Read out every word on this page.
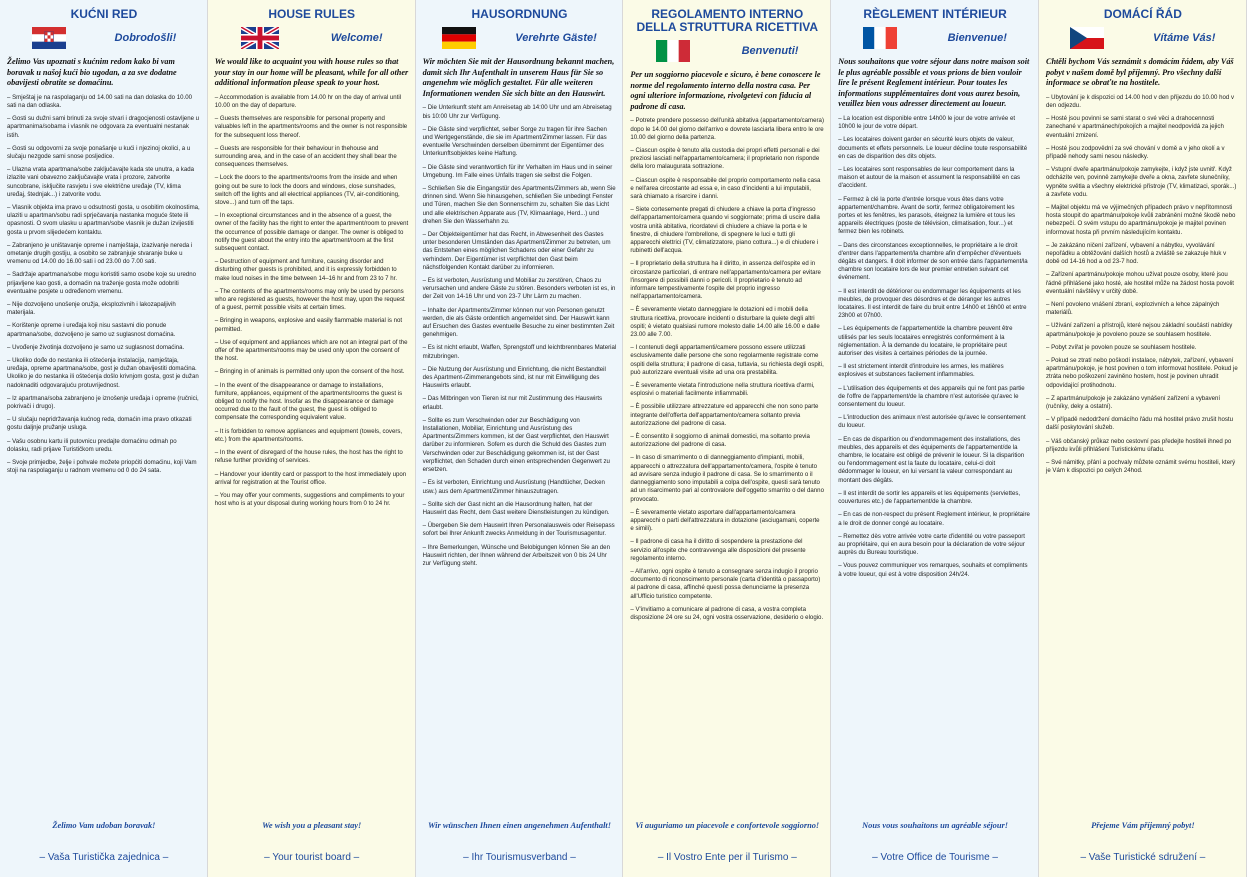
KUĆNI RED
Dobrodošli!
Želimo Vas upoznati s kućnim redom kako bi vam boravak u našoj kući bio ugodan, a za sve dodatne obavijesti obratite se domaćinu.
– Smještaj je na raspolaganju od 14.00 sati na dan dolaska do 10.00 sati na dan odlaska.
– Gosti su dužni sami brinuti za svoje stvari i dragocjenosti ostavljene u apartmanima/sobama i vlasnik ne odgovara za eventualni nestanak istih.
– Gosti su odgovorni za svoje ponašanje u kući i njezinoj okolici, a u slučaju nezgode sami snose posljedice.
– Ulazna vrata apartmana/sobe zaključavajte kada ste unutra, a kada izlazite vani obavezno zaključavajte vrata i prozore, zatvorite suncobrane, isključite rasvjetu i sve električne uređaje (TV, klima uređaj, štednjak...) i zatvorite vodu.
– Vlasnik objekta ima pravo u odsutnosti gosta, u osobitim okolnostima, ulaziti u apartman/sobu radi sprječavanja nastanka moguće štete ili opasnosti. O svom ulasku u apartman/sobe vlasnik je dužan izvijestiti gosta u prvom slijedećem kontaktu.
– Zabranjeno je uništavanje opreme i namještaja, izazivanje nereda i ometanje drugih gostiju, a osobito se zabranjuje stvaranje buke u vremenu od 14.00 do 16.00 sati i od 23.00 do 7.00 sati.
– Sadržaje apartmana/sobe mogu koristiti samo osobe koje su uredno prijavljene kao gosti, a domaćin na traženje gosta može odobriti eventualne posjete u određenom vremenu.
– Nije dozvoljeno unošenje oružja, eksplozivnih i lakozapaljivih materijala.
– Korištenje opreme i uređaja koji nisu sastavni dio ponude apartmana/sobe, dozvoljeno je samo uz suglasnost domaćina.
– Uvođenje životinja dozvoljeno je samo uz suglasnost domaćina.
– Ukoliko dođe do nestanka ili oštećenja instalacija, namještaja, uređaja, opreme apartmana/sobe, gost je dužan obavijestiti domaćina. Ukoliko je do nestanka ili oštećenja došlo krivnjom gosta, gost je dužan nadoknaditi odgovarajuću protuvrijednost.
– Iz apartmana/soba zabranjeno je iznošenje uređaja i opreme (ručnici, pokrivači i drugo).
– U slučaju nepridržavanja kućnog reda, domaćin ima pravo otkazati gostu daljnje pružanje usluga.
– Vašu osobnu kartu ili putovnicu predajte domaćinu odmah po dolasku, radi prijave Turističkom uredu.
– Svoje primjedbe, želje i pohvale možete priopćiti domaćinu, koji Vam stoji na raspolaganju u radnom vremenu od 0 do 24 sata.
Želimo Vam udoban boravak!
– Vaša Turistička zajednica –
HOUSE RULES
Welcome!
We would like to acquaint you with house rules so that your stay in our home will be pleasant, while for all other additional information please speak to your host.
– Accommodation is available from 14.00 hr on the day of arrival until 10.00 on the day of departure.
– Guests themselves are responsible for personal property and valuables left in the apartments/rooms and the owner is not responsible for the subsequent loss thereof.
– Guests are responsible for their behaviour in thehouse and surrounding area, and in the case of an accident they shall bear the consequences themselves.
– Lock the doors to the apartments/rooms from the inside and when going out be sure to lock the doors and windows, close sunshades, switch off the lights and all electrical appliances (TV, air-conditioning, stove...) and turn off the taps.
– In exceptional circumstances and in the absence of a guest, the owner of the facility has the right to enter the apartment/room to prevent the occurrence of possible damage or danger. The owner is obliged to notify the guest about the entry into the apartment/room at the first subsequent contact.
– Destruction of equipment and furniture, causing disorder and disturbing other guests is prohibited, and it is expressly forbidden to make loud noises in the time between 14–16 hr and from 23 to 7 hr.
– The contents of the apartments/rooms may only be used by persons who are registered as guests, however the host may, upon the request of a guest, permit possible visits at certain times.
– Bringing in weapons, explosive and easily flammable material is not permitted.
– Use of equipment and appliances which are not an integral part of the offer of the apartments/rooms may be used only upon the consent of the host.
– Bringing in of animals is permitted only upon the consent of the host.
– In the event of the disappearance or damage to installations, furniture, appliances, equipment of the apartments/rooms the guest is obliged to notify the host. Insofar as the disappearance or damage occurred due to the fault of the guest, the guest is obliged to compensate the corresponding equivalent value.
– It is forbidden to remove appliances and equipment (towels, covers, etc.) from the apartments/rooms.
– In the event of disregard of the house rules, the host has the right to refuse further providing of services.
– Handover your identity card or passport to the host immediately upon arrival for registration at the Tourist office.
– You may offer your comments, suggestions and compliments to your host who is at your disposal during working hours from 0 to 24 hr.
We wish you a pleasant stay!
– Your tourist board –
HAUSORDNUNG
Verehrte Gäste!
Wir möchten Sie mit der Hausordnung bekannt machen, damit sich Ihr Aufenthalt in unserem Haus für Sie so angenehm wie möglich gestaltet. Für alle weiteren Informationen wenden Sie sich bitte an den Hauswirt.
– Die Unterkunft steht am Anreisetag ab 14:00 Uhr und am Abreisetag bis 10:00 Uhr zur Verfügung.
– Die Gäste sind verpflichtet, selber Sorge zu tragen für ihre Sachen und Wertgegenstände, die sie im Apartment/Zimmer lassen. Für das eventuelle Verschwinden derselben übernimmt der Eigentümer des Unterkunftsobjektes keine Haftung.
– Die Gäste sind verantwortlich für ihr Verhalten im Haus und in seiner Umgebung. Im Falle eines Unfalls tragen sie selbst die Folgen.
– Schließen Sie die Eingangstür des Apartments/Zimmers ab, wenn Sie drinnen sind. Wenn Sie hinausgehen, schließen Sie unbedingt Fenster und Türen, machen Sie den Sonnenschirm zu, schalten Sie das Licht und alle elektrischen Apparate aus (TV, Klimaanlage, Herd...) und drehen Sie den Wasserhahn zu.
– Der Objekteigentümer hat das Recht, in Abwesenheit des Gastes unter besonderen Umständen das Apartment/Zimmer zu betreten, um das Entstehen eines möglichen Schadens oder einer Gefahr zu verhindern. Der Eigentümer ist verpflichtet den Gast beim nächstfolgenden Kontakt darüber zu informieren.
– Es ist verboten, Ausrüstung und Mobiliar zu zerstören, Chaos zu verursachen und andere Gäste zu stören. Besonders verboten ist es, in der Zeit von 14-16 Uhr und von 23-7 Uhr Lärm zu machen.
– Inhalte der Apartments/Zimmer können nur von Personen genutzt werden, die als Gäste ordentlich angemeldet sind. Der Hauswirt kann auf Ersuchen des Gastes eventuelle Besuche zu einer bestimmten Zeit genehmigen.
– Es ist nicht erlaubt, Waffen, Sprengstoff und leichtbrennbares Material mitzubringen.
– Die Nutzung der Ausrüstung und Einrichtung, die nicht Bestandteil des Apartment-/Zimmerangebots sind, ist nur mit Einwilligung des Hauswirts erlaubt.
– Das Mitbringen von Tieren ist nur mit Zustimmung des Hauswirts erlaubt.
– Sollte es zum Verschwinden oder zur Beschädigung von Installationen, Mobiliar, Einrichtung und Ausrüstung des Apartments/Zimmers kommen, ist der Gast verpflichtet, den Hauswirt darüber zu informieren. Sofern es durch die Schuld des Gastes zum Verschwinden oder zur Beschädigung gekommen ist, ist der Gast verpflichtet, den Schaden durch einen entsprechenden Gegenwert zu ersetzen.
– Es ist verboten, Einrichtung und Ausrüstung (Handtücher, Decken usw.) aus dem Apartment/Zimmer hinauszutragen.
– Sollte sich der Gast nicht an die Hausordnung halten, hat der Hauswirt das Recht, dem Gast weitere Dienstleistungen zu kündigen.
– Übergeben Sie dem Hauswirt Ihren Personalausweis oder Reisepass sofort bei Ihrer Ankunft zwecks Anmeldung in der Tourismusagentur.
– Ihre Bemerkungen, Wünsche und Belobigungen können Sie an den Hauswirt richten, der Ihnen während der Arbeitszeit von 0 bis 24 Uhr zur Verfügung steht.
Wir wünschen Ihnen einen angenehmen Aufenthalt!
– Ihr Tourismusverband –
REGOLAMENTO INTERNO DELLA STRUTTURA RICETTIVA
Benvenuti!
Per un soggiorno piacevole e sicuro, è bene conoscere le norme del regolamento interno della nostra casa. Per ogni ulteriore informazione, rivolgetevi con fiducia al padrone di casa.
– Potrete prendere possesso dell'unità abitativa (appartamento/camera) dopo le 14.00 del giorno dell'arrivo e dovrete lasciarla libera entro le ore 10.00 del giorno della partenza.
– Ciascun ospite è tenuto alla custodia dei propri effetti personali e dei preziosi lasciati nell'appartamento/camera; il proprietario non risponde della loro malaugurata sottrazione.
– Ciascun ospite è responsabile del proprio comportamento nella casa e nell'area circostante ad essa e, in caso d'incidenti a lui imputabili, sarà chiamato a risarcire i danni.
– Siete cortesemente pregati di chiudere a chiave la porta d'ingresso dell'appartamento/camera quando vi soggiornate; prima di uscire dalla vostra unità abitativa, ricordatevi di chiudere a chiave la porta e le finestre, di chiudere l'ombrellone, di spegnere le luci e tutti gli apparecchi elettrici (TV, climatizzatore, piano cottura...) e di chiudere i rubinetti dell'acqua.
– Il proprietario della struttura ha il diritto, in assenza dell'ospite ed in circostanze particolari, di entrare nell'appartamento/camera per evitare l'insorgere di possibili danni o pericoli. Il proprietario è tenuto ad informare tempestivamente l'ospite del proprio ingresso nell'appartamento/camera.
– È severamente vietato danneggiare le dotazioni ed i mobili della struttura ricettiva, provocare incidenti o disturbare la quiete degli altri ospiti; è vietato qualsiasi rumore molesto dalle 14.00 alle 16.00 e dalle 23.00 alle 7.00.
– I contenuti degli appartamenti/camere possono essere utilizzati esclusivamente dalle persone che sono regolarmente registrate come ospiti della struttura; il padrone di casa, tuttavia, su richiesta degli ospiti, può autorizzare eventuali visite ad una ora prestabilita.
– È severamente vietata l'introduzione nella struttura ricettiva d'armi, esplosivi o materiali facilmente infiammabili.
– È possibile utilizzare attrezzature ed apparecchi che non sono parte integrante dell'offerta dell'appartamento/camera soltanto previa autorizzazione del padrone di casa.
– È consentito il soggiorno di animali domestici, ma soltanto previa autorizzazione del padrone di casa.
– In caso di smarrimento o di danneggiamento d'impianti, mobili, apparecchi o attrezzatura dell'appartamento/camera, l'ospite è tenuto ad avvisare senza indugio il padrone di casa. Se lo smarrimento o il danneggiamento sono imputabili a colpa dell'ospite, questi sarà tenuto ad un risarcimento pari al controvalore dell'oggetto smarrito o del danno provocato.
– È severamente vietato asportare dall'appartamento/camera apparecchi o parti dell'attrezzatura in dotazione (asciugamani, coperte e simili).
– Il padrone di casa ha il diritto di sospendere la prestazione del servizio all'ospite che contravvenga alle disposizioni del presente regolamento interno.
– All'arrivo, ogni ospite è tenuto a consegnare senza indugio il proprio documento di riconoscimento personale (carta d'identità o passaporto) al padrone di casa, affinché questi possa denunciarne la presenza all'Ufficio turistico competente.
– V'invitiamo a comunicare al padrone di casa, a vostra completa disposizione 24 ore su 24, ogni vostra osservazione, desiderio o elogio.
Vi auguriamo un piacevole e confortevole soggiorno!
– Il Vostro Ente per il Turismo –
RÈGLEMENT INTÉRIEUR
Bienvenue!
Nous souhaitons que votre séjour dans notre maison soit le plus agréable possible et vous prions de bien vouloir lire le présent Reglement intérieur. Pour toutes les informations supplémentaires dont vous aurez besoin, veuillez bien vous adresser directement au loueur.
– La location est disponible entre 14h00 le jour de votre arrivée et 10h00 le jour de votre départ.
– Les locataires doivent garder en sécurité leurs objets de valeur, documents et effets personnels. Le loueur décline toute responsabilité en cas de disparition des dits objets.
– Les locataires sont responsables de leur comportement dans la maison et autour de la maison et assument la responsabilité en cas d'accident.
– Fermez à clé la porte d'entrée lorsque vous êtes dans votre appartement/chambre. Avant de sortir, fermez obligatoirement les portes et les fenêtres, les parasols, éteignez la lumière et tous les appareils électriques (poste de télévision, climatisation, four...) et fermez bien les robinets.
– Dans des circonstances exceptionnelles, le propriétaire a le droit d'entrer dans l'appartement/la chambre afin d'empêcher d'éventuels dégâts et dangers. Il doit informer de son entrée dans l'appartement/la chambre son locataire lors de leur premier entretien suivant cet événement.
– Il est interdit de détériorer ou endommager les équipements et les meubles, de provoquer des désordres et de déranger les autres locataires. Il est interdit de faire du bruit entre 14h00 et 16h00 et entre 23h00 et 07h00.
– Les équipements de l'appartement/de la chambre peuvent être utilisés par les seuls locataires enregistrés conformément à la réglementation. À la demande du locataire, le propriétaire peut autoriser des visites à certaines périodes de la journée.
– Il est strictement interdit d'introduire les armes, les matières explosives et substances facilement inflammables.
– L'utilisation des équipements et des appareils qui ne font pas partie de l'offre de l'appartement/de la chambre n'est autorisée qu'avec le consentement du loueur.
– L'introduction des animaux n'est autorisée qu'avec le consentement du loueur.
– En cas de disparition ou d'endommagement des installations, des meubles, des appareils et des équipements de l'appartement/de la chambre, le locataire est obligé de prévenir le loueur. Si la disparition ou l'endommagement est la faute du locataire, celui-ci doit dédommager le loueur, en lui versant la valeur correspondant au montant des dégâts.
– Il est interdit de sortir les appareils et les équipements (serviettes, couvertures etc.) de l'appartement/de la chambre.
– En cas de non-respect du présent Reglement intérieur, le propriétaire a le droit de donner congé au locataire.
– Remettez dès votre arrivée votre carte d'identité ou votre passeport au propriétaire, qui en aura besoin pour la déclaration de votre séjour auprès du Bureau touristique.
– Vous pouvez communiquer vos remarques, souhaits et compliments à votre loueur, qui est à votre disposition 24h/24.
Nous vous souhaitons un agréable séjour!
– Votre Office de Tourisme –
DOMÁCÍ ŘÁD
Vítáme Vás!
Chtěli bychom Vás seznámit s domácím řádem, aby Váš pobyt v našem domě byl příjemný. Pro všechny další informace se obraťte na hostitele.
– Ubytování je k dispozici od 14.00 hod v den příjezdu do 10.00 hod v den odjezdu.
– Hosté jsou povinni se sami starat o své věci a drahocennosti zanechané v apartmánech/pokojích a majitel neodpovídá za jejich eventuální zmizení.
– Hosté jsou zodpovědní za své chování v domě a v jeho okolí a v případě nehody sami nesou následky.
– Vstupní dveře apartmánu/pokoje zamykejte, i když jste uvnitř. Když odcházíte ven, povinně zamykejte dveře a okna, zavřete slunečníky, vypněte světla a všechny elektrické přístroje (TV, klimatizaci, sporák...) a zavřete vodu.
– Majitel objektu má ve výjimečných případech právo v nepřítomnosti hosta stoupit do apartmánu/pokoje kvůli zabránění možné škodě nebo nebezpečí. O svém vstupu do apartmánu/pokoje je majitel povinen informovat hosta při prvním následujícím kontaktu.
– Je zakázáno ničení zařízení, vybavení a nábytku, vyvolávání nepořádku a obtěžování dalších hostů a zvláště se zakazuje hluk v době od 14-16 hod a od 23-7 hod.
– Zařízení apartmánu/pokoje mohou užívat pouze osoby, které jsou řádně přihlášené jako hosté, ale hostitel může na žádost hosta povolit eventuální návštěvy v určitý době.
– Není povoleno vnášení zbraní, explozivních a lehce zápalných materiálů.
– Užívání zařízení a přístrojů, které nejsou základní součástí nabídky apartmánu/pokoje je povoleno pouze se souhlasem hostitele.
– Pobyt zvířat je povolen pouze se souhlasem hostitele.
– Pokud se ztratí nebo poškodí instalace, nábytek, zařízení, vybavení apartmánu/pokoje, je host povinen o tom informovat hostitele. Pokud je ztráta nebo poškození zaviněno hostem, host je povinen uhradit odpovídající protihodnotu.
– Z apartmánu/pokoje je zakázáno vynášení zařízení a vybavení (ručníky, deky a ostatní).
– V případě nedodržení domácího řádu má hostitel právo zrušit hostu další poskytování služeb.
– Váš občanský průkaz nebo cestovní pas předejte hostiteli ihned po příjezdu kvůli přihlášení Turistickému úřadu.
– Své námitky, přání a pochvaly můžete oznámit svému hostiteli, který je Vám k dispozici po celých 24hod.
Přejeme Vám příjemný pobyt!
– Vaše Turistické sdružení –
